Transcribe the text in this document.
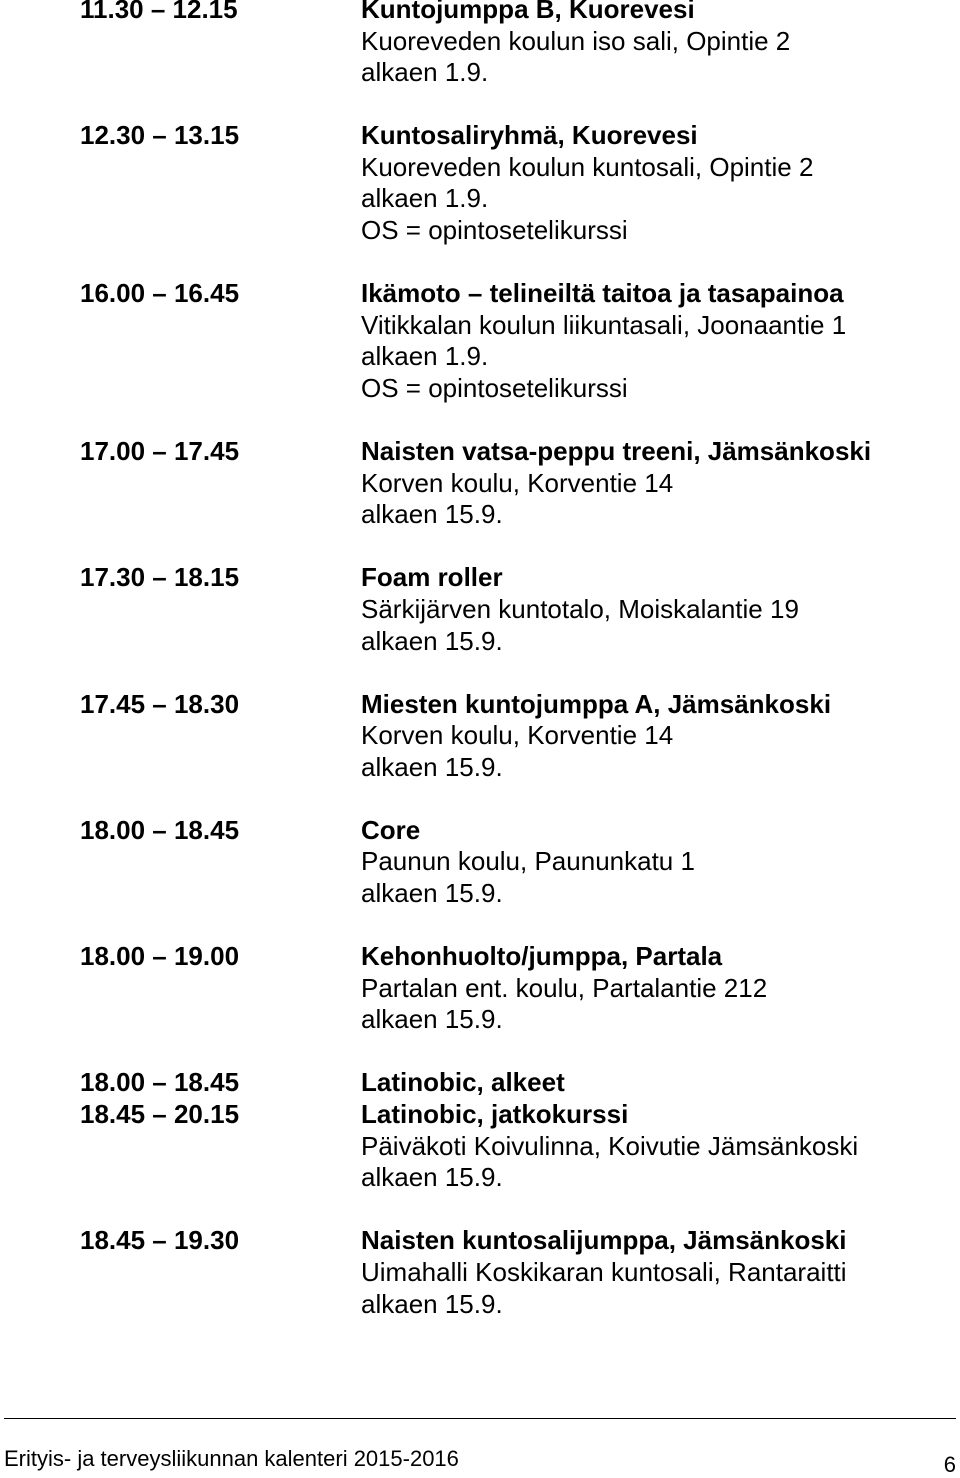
11.30 – 12.15	Kuntojumppa B, Kuorevesi
Kuoreveden koulun iso sali, Opintie 2
alkaen 1.9.
12.30 – 13.15	Kuntosaliryhmä, Kuorevesi
Kuoreveden koulun kuntosali, Opintie 2
alkaen 1.9.
OS = opintosetelikurssi
16.00 – 16.45	Ikämoto – telineiltä taitoa ja tasapainoa
Vitikkalan koulun liikuntasali, Joonaantie 1
alkaen 1.9.
OS = opintosetelikurssi
17.00 – 17.45	Naisten vatsa-peppu treeni, Jämsänkoski
Korven koulu, Korventie 14
alkaen 15.9.
17.30 – 18.15	Foam roller
Särkijärven kuntotalo, Moiskalantie 19
alkaen 15.9.
17.45 – 18.30	Miesten kuntojumppa A, Jämsänkoski
Korven koulu, Korventie 14
alkaen 15.9.
18.00 – 18.45	Core
Paunun koulu, Paununkatu 1
alkaen 15.9.
18.00 – 19.00	Kehonhuolto/jumppa, Partala
Partalan ent. koulu, Partalantie 212
alkaen 15.9.
18.00 – 18.45	Latinobic, alkeet
18.45 – 20.15	Latinobic, jatkokurssi
Päiväkoti Koivulinna, Koivutie Jämsänkoski
alkaen 15.9.
18.45 – 19.30	Naisten kuntosalijumppa, Jämsänkoski
Uimahalli Koskikaran kuntosali, Rantaraitti
alkaen 15.9.
Erityis- ja terveysliikunnan kalenteri 2015-2016	6
